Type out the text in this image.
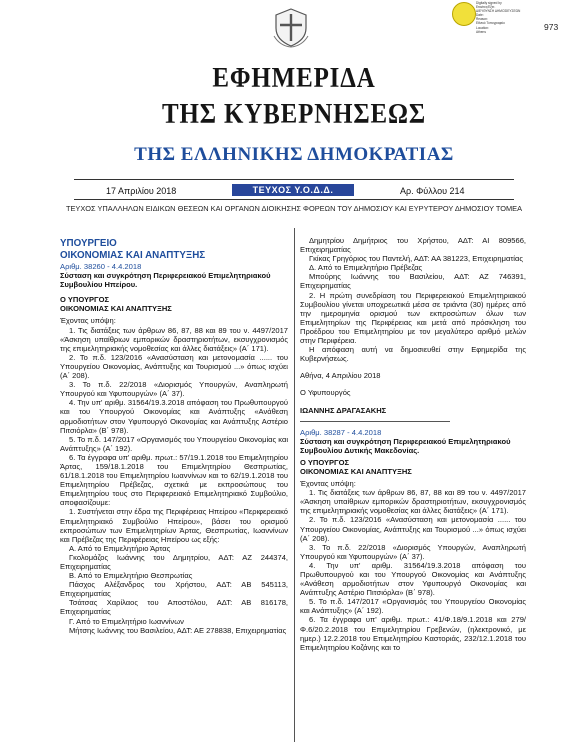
Digitally signed by
Ετικέτες/Εξετ.
ΔΙΕΥΘΥΝΣΗ ΔΗΜΟΣΙΕΥΣΕΩΝ
Date:
Reason:
Εθνικό Τυπογραφείο
Location:
Athens	973
ΕΦΗΜΕΡΙΔΑ
ΤΗΣ ΚΥΒΕΡΝΗΣΕΩΣ
ΤΗΣ ΕΛΛΗΝΙΚΗΣ ΔΗΜΟΚΡΑΤΙΑΣ
17 Απριλίου 2018	ΤΕΥΧΟΣ Υ.Ο.Δ.Δ.	Αρ. Φύλλου 214
ΤΕΥΧΟΣ ΥΠΑΛΛΗΛΩΝ ΕΙΔΙΚΩΝ ΘΕΣΕΩΝ ΚΑΙ ΟΡΓΑΝΩΝ ΔΙΟΙΚΗΣΗΣ ΦΟΡΕΩΝ ΤΟΥ ΔΗΜΟΣΙΟΥ ΚΑΙ ΕΥΡΥΤΕΡΟΥ ΔΗΜΟΣΙΟΥ ΤΟΜΕΑ
ΥΠΟΥΡΓΕΙΟ
ΟΙΚΟΝΟΜΙΑΣ ΚΑΙ ΑΝΑΠΤΥΞΗΣ
Αριθμ. 38260 - 4.4.2018
Σύσταση και συγκρότηση Περιφερειακού Επιμελητηριακού Συμβουλίου Ηπείρου.
Ο ΥΠΟΥΡΓΟΣ
ΟΙΚΟΝΟΜΙΑΣ ΚΑΙ ΑΝΑΠΤΥΞΗΣ

Έχοντας υπόψη:

1. Τις διατάξεις των άρθρων 86, 87, 88 και 89 του ν. 4497/2017 «Άσκηση υπαίθριων εμπορικών δραστηριοτήτων, εκσυγχρονισμός της επιμελητηριακής νομοθεσίας και άλλες διατάξεις» (Α΄ 171).

2. Το π.δ. 123/2016 «Ανασύσταση και μετονομασία ...... του Υπουργείου Οικονομίας, Ανάπτυξης και Τουρισμού ...» όπως ισχύει (Α΄ 208).

3. Το π.δ. 22/2018 «Διορισμός Υπουργών, Αναπληρωτή Υπουργού και Υφυπουργών» (Α΄ 37).

4. Την υπ' αριθμ. 31564/19.3.2018 απόφαση του Πρωθυπουργού και του Υπουργού Οικονομίας και Ανάπτυξης «Ανάθεση αρμοδιοτήτων στον Υφυπουργό Οικονομίας και Ανάπτυξης Αστέριο Πιτσιόρλα» (Β΄ 978).

5. Το π.δ. 147/2017 «Οργανισμός του Υπουργείου Οικονομίας και Ανάπτυξης» (Α΄ 192).

6. Τα έγγραφα υπ' αριθμ. πρωτ.: 57/19.1.2018 του Επιμελητηρίου Άρτας, 159/18.1.2018 του Επιμελητηρίου Θεσπρωτίας, 61/18.1.2018 του Επιμελητηρίου Ιωαννίνων και το 62/19.1.2018 του Επιμελητηρίου Πρέβεζας, σχετικά με εκπροσώπους του Επιμελητηρίου τους στο Περιφερειακό Επιμελητηριακό Συμβούλιο, αποφασίζουμε:

1. Συστήνεται στην έδρα της Περιφέρειας Ηπείρου «Περιφερειακό Επιμελητηριακό Συμβούλιο Ηπείρου», βάσει του ορισμού εκπροσώπων των Επιμελητηρίων Άρτας, Θεσπρωτίας, Ιωαννίνων και Πρέβεζας της Περιφέρειας Ηπείρου ως εξής:

Α. Από το Επιμελητήριο Άρτας

Γκολομάζος Ιωάννης του Δημητρίου, ΑΔΤ: ΑΖ 244374, Επιχειρηματίας

Β. Από το Επιμελητήριο Θεσπρωτίας

Πάσχος Αλέξανδρος του Χρήστου, ΑΔΤ: ΑΒ 545113, Επιχειρηματίας

Τσάτσας Χαρίλαος του Αποστόλου, ΑΔΤ: ΑΒ 816178, Επιχειρηματίας

Γ. Από το Επιμελητήριο Ιωαννίνων

Μήτσης Ιωάννης του Βασιλείου, ΑΔΤ: ΑΕ 278838, Επιχειρηματίας

Δημητρίου Δημήτριος του Χρήστου, ΑΔΤ: ΑΙ 809566, Επιχειρηματίας

Γκίκας Γρηγόριος του Παντελή, ΑΔΤ: ΑΑ 381223, Επιχειρηματίας

Δ. Από το Επιμελητήριο Πρέβεζας

Μπούρης Ιωάννης του Βασιλείου, ΑΔΤ: ΑΖ 746391, Επιχειρηματίας

2. Η πρώτη συνεδρίαση του Περιφερειακού Επιμελητηριακού Συμβουλίου γίνεται υποχρεωτικά μέσα σε τριάντα (30) ημέρες από την ημερομηνία ορισμού των εκπροσώπων όλων των Επιμελητηρίων της Περιφέρειας και μετά από πρόσκληση του Προέδρου του Επιμελητηρίου με τον μεγαλύτερο αριθμό μελών στην Περιφέρεια.

Η απόφαση αυτή να δημοσιευθεί στην Εφημερίδα της Κυβερνήσεως.

Αθήνα, 4 Απριλίου 2018

Ο Υφυπουργός

ΙΩΑΝΝΗΣ ΔΡΑΓΑΣΑΚΗΣ

Αριθμ. 38287 - 4.4.2018
Σύσταση και συγκρότηση Περιφερειακού Επιμελητηριακού Συμβουλίου Δυτικής Μακεδονίας.
Ο ΥΠΟΥΡΓΟΣ
ΟΙΚΟΝΟΜΙΑΣ ΚΑΙ ΑΝΑΠΤΥΞΗΣ

Έχοντας υπόψη:

1. Τις διατάξεις των άρθρων 86, 87, 88 και 89 του ν. 4497/2017 «Άσκηση υπαίθριων εμπορικών δραστηριοτήτων, εκσυγχρονισμός της επιμελητηριακής νομοθεσίας και άλλες διατάξεις» (Α΄ 171).

2. Το π.δ. 123/2016 «Ανασύσταση και μετονομασία ...... του Υπουργείου Οικονομίας, Ανάπτυξης και Τουρισμού ...» όπως ισχύει (Α΄ 208).

3. Το π.δ. 22/2018 «Διορισμός Υπουργών, Αναπληρωτή Υπουργού και Υφυπουργών» (Α΄ 37).

4. Την υπ' αριθμ. 31564/19.3.2018 απόφαση του Πρωθυπουργού και του Υπουργού Οικονομίας και Ανάπτυξης «Ανάθεση αρμοδιοτήτων στον Υφυπουργό Οικονομίας και Ανάπτυξης Αστέριο Πιτσιόρλα» (Β΄ 978).

5. Το π.δ. 147/2017 «Οργανισμός του Υπουργείου Οικονομίας και Ανάπτυξης» (Α΄ 192).

6. Τα έγγραφα υπ' αριθμ. πρωτ.: 41/Φ.18/9.1.2018 και 279/Φ.6/20.2.2018 του Επιμελητηρίου Γρεβενών, (ηλεκτρονικό, με ημερ.) 12.2.2018 του Επιμελητηρίου Καστοριάς, 232/12.1.2018 του Επιμελητηρίου Κοζάνης και το
